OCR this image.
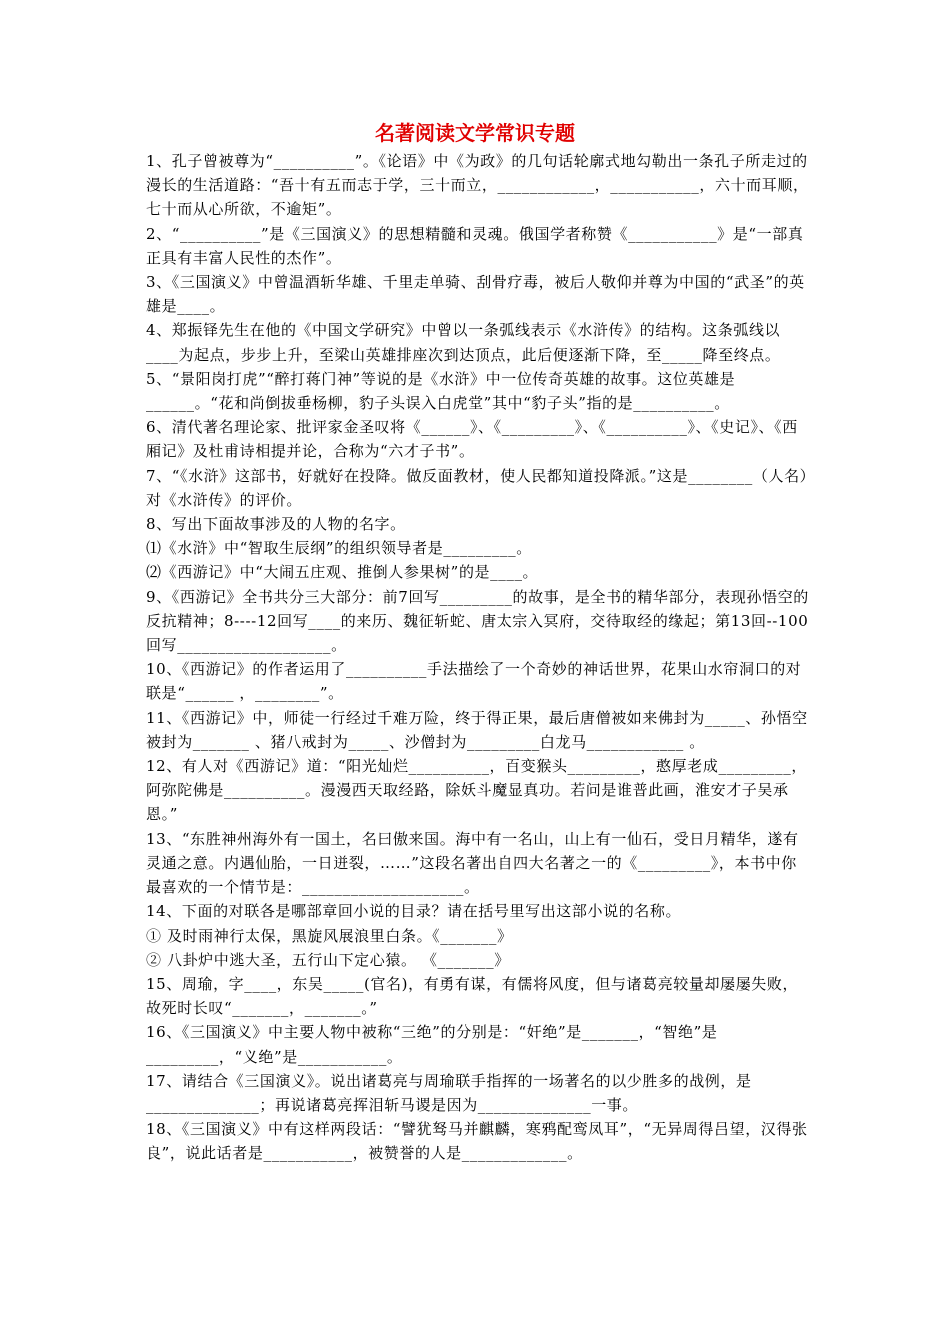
名著阅读文学常识专题

1、孔子曾被尊为“__________”。《论语》中《为政》的几句话轮廓式地勾勒出一条孔子所走过的漫长的生活道路：“吾十有五而志于学，三十而立，____________，___________，六十而耳顺，七十而从心所欲，不逾矩”。

2、“__________”是《三国演义》的思想精髓和灵魂。俄国学者称赞《___________》是“一部真正具有丰富人民性的杰作”。

3、《三国演义》中曾温酒斩华雄、千里走单骑、刮骨疗毒，被后人敬仰并尊为中国的“武圣”的英雄是____。

4、郑振铎先生在他的《中国文学研究》中曾以一条弧线表示《水浒传》的结构。这条弧线以____为起点，步步上升，至梁山英雄排座次到达顶点，此后便逐渐下降，至_____降至终点。

5、“景阳岗打虎”“醉打蒋门神”等说的是《水浒》中一位传奇英雄的故事。这位英雄是______。“花和尚倒拔垂杨柳，豹子头误入白虎堂”其中“豹子头”指的是__________。

6、清代著名理论家、批评家金圣叹将《______》、《_________》、《__________》、《史记》、《西厢记》及杜甫诗相提并论，合称为“六才子书”。

7、“《水浒》这部书，好就好在投降。做反面教材，使人民都知道投降派。”这是________（人名）对《水浒传》的评价。

8、写出下面故事涉及的人物的名字。

⑴《水浒》中“智取生辰纲”的组织领导者是_________。

⑵《西游记》中“大闹五庄观、推倒人参果树”的是____。

9、《西游记》全书共分三大部分：前7回写_________的故事，是全书的精华部分，表现孙悟空的反抗精神；8----12回写____的来历、魏征斩蛇、唐太宗入冥府，交待取经的缘起；第13回--100回写___________________。

10、《西游记》的作者运用了__________手法描绘了一个奇妙的神话世界，花果山水帘洞口的对联是“______ ，________”。

11、《西游记》中，师徒一行经过千难万险，终于得正果，最后唐僧被如来佛封为_____、孙悟空被封为_______ 、猪八戒封为_____、沙僧封为_________白龙马____________ 。

12、有人对《西游记》道：“阳光灿烂__________，百变猴头_________，憨厚老成_________，阿弥陀佛是__________。漫漫西天取经路，除妖斗魔显真功。若问是谁普此画，淮安才子吴承恩。”

13、“东胜神州海外有一国土，名曰傲来国。海中有一名山，山上有一仙石，受日月精华，遂有灵通之意。内遇仙胎，一日迸裂，……”这段名著出自四大名著之一的《_________》，本书中你最喜欢的一个情节是：____________________。

14、下面的对联各是哪部章回小说的目录？请在括号里写出这部小说的名称。

① 及时雨神行太保，黑旋风展浪里白条。《_______》

② 八卦炉中逃大圣，五行山下定心猿。 《_______》

15、周瑜，字____，东吴_____(官名)，有勇有谋，有儒将风度，但与诸葛亮较量却屡屡失败，故死时长叹“_______，_______。”

16、《三国演义》中主要人物中被称“三绝”的分别是：“奸绝”是_______，“智绝”是_________，“义绝”是___________。

17、请结合《三国演义》。说出诸葛亮与周瑜联手指挥的一场著名的以少胜多的战例，是______________；再说诸葛亮挥泪斩马谡是因为______________一事。

18、《三国演义》中有这样两段话：“譬犹驽马并麒麟，寒鸦配鸾凤耳”，“无异周得吕望，汉得张良”，说此话者是___________，被赞誉的人是_____________。
